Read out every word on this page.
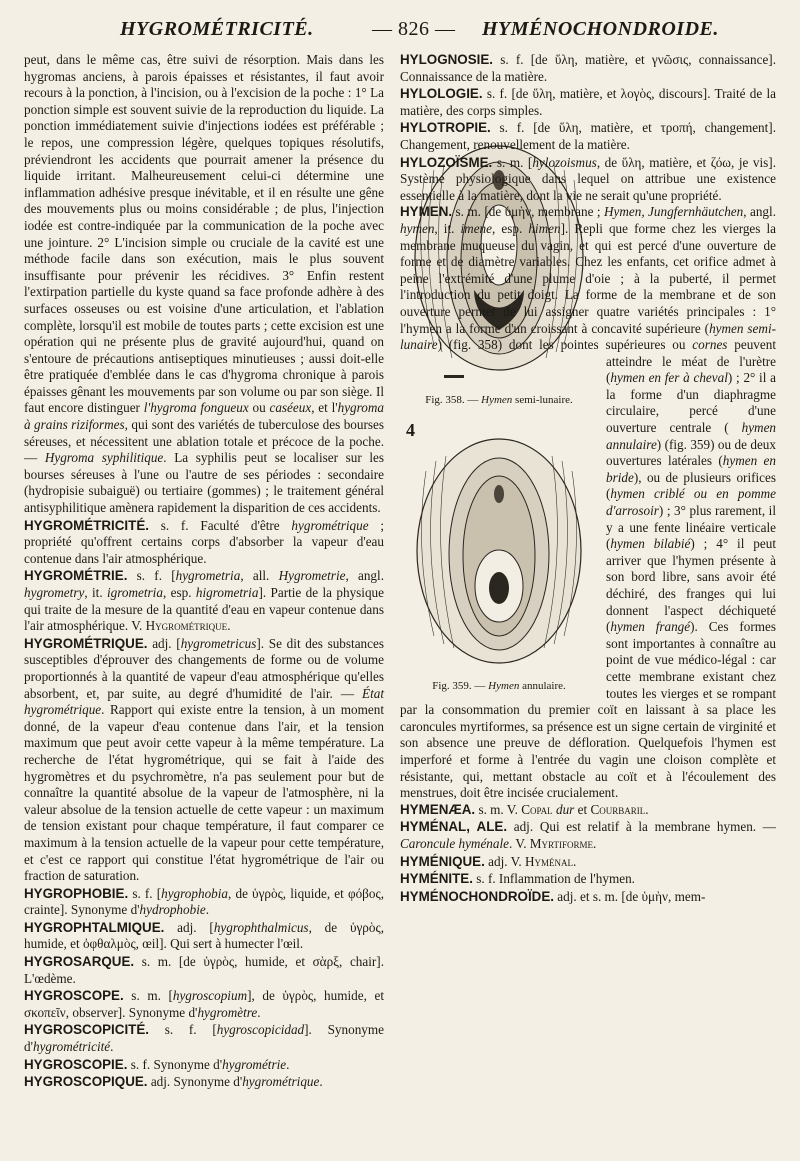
HYGROMÉTRICITÉ.	— 826 — HYMÉNOCHONDROIDE.

peut, dans le même cas, être suivi de résorption. Mais dans les hygromas anciens, à parois épaisses et résistantes, il faut avoir recours à la ponction, à l'incision, ou à l'excision de la poche : 1° La ponction simple est souvent suivie de la reproduction du liquide. La ponction immédiatement suivie d'injections iodées est préférable ; le repos, une compression légère, quelques topiques résolutifs, préviendront les accidents que pourrait amener la présence du liquide irritant. Malheureusement celui-ci détermine une inflammation adhésive presque inévitable, et il en résulte une gêne des mouvements plus ou moins considérable ; de plus, l'injection iodée est contre-indiquée par la communication de la poche avec une jointure. 2° L'incision simple ou cruciale de la cavité est une méthode facile dans son exécution, mais le plus souvent insuffisante pour prévenir les récidives. 3° Enfin restent l'extirpation partielle du kyste quand sa face profonde adhère à des surfaces osseuses ou est voisine d'une articulation, et l'ablation complète, lorsqu'il est mobile de toutes parts ; cette excision est une opération qui ne présente plus de gravité aujourd'hui, quand on s'entoure de précautions antiseptiques minutieuses ; aussi doit-elle être pratiquée d'emblée dans le cas d'hygroma chronique à parois épaisses gênant les mouvements par son volume ou par son siège. Il faut encore distinguer l'hygroma fongueux ou caséeux, et l'hygroma à grains riziformes, qui sont des variétés de tuberculose des bourses séreuses, et nécessitent une ablation totale et précoce de la poche. — Hygroma syphilitique. La syphilis peut se localiser sur les bourses séreuses à l'une ou l'autre de ses périodes : secondaire (hydropisie subaiguë) ou tertiaire (gommes) ; le traitement général antisyphilitique amènera rapidement la disparition de ces accidents.

HYGROMÉTRICITÉ. s. f. Faculté d'être hygrométrique ; propriété qu'offrent certains corps d'absorber la vapeur d'eau contenue dans l'air atmosphérique.

HYGROMÉTRIE. s. f. [hygrometria, all. Hygrometrie, angl. hygrometry, it. igrometria, esp. higrometria]. Partie de la physique qui traite de la mesure de la quantité d'eau en vapeur contenue dans l'air atmosphérique. V. Hygrométrique.

HYGROMÉTRIQUE. adj. [hygrometricus]. Se dit des substances susceptibles d'éprouver des changements de forme ou de volume proportionnés à la quantité de vapeur d'eau atmosphérique qu'elles absorbent, et, par suite, au degré d'humidité de l'air. — État hygrométrique. Rapport qui existe entre la tension, à un moment donné, de la vapeur d'eau contenue dans l'air, et la tension maximum que peut avoir cette vapeur à la même température. La recherche de l'état hygrométrique, qui se fait à l'aide des hygromètres et du psychromètre, n'a pas seulement pour but de connaître la quantité absolue de la vapeur de l'atmosphère, ni la valeur absolue de la tension actuelle de cette vapeur : un maximum de tension existant pour chaque température, il faut comparer ce maximum à la tension actuelle de la vapeur pour cette température, et c'est ce rapport qui constitue l'état hygrométrique de l'air ou fraction de saturation.

HYGROPHOBIE. s. f. [hygrophobia, de ὑγρὸς, liquide, et φόβος, crainte]. Synonyme d'hydrophobie.

HYGROPHTALMIQUE. adj. [hygrophthalmicus, de ὑγρὸς, humide, et ὀφθαλμὸς, œil]. Qui sert à humecter l'œil.

HYGROSARQUE. s. m. [de ὑγρὸς, humide, et σὰρξ, chair]. L'œdème.

HYGROSCOPE. s. m. [hygroscopium], de ὑγρὸς, humide, et σκοπεῖν, observer]. Synonyme d'hygromètre.

HYGROSCOPICITÉ. s. f. [hygroscopicidad]. Synonyme d'hygrométricité.

HYGROSCOPIE. s. f. Synonyme d'hygrométrie.

HYGROSCOPIQUE. adj. Synonyme d'hygrométrique.

HYLOGNOSIE. s. f. [de ὕλη, matière, et γνῶσις, connaissance]. Connaissance de la matière.

HYLOLOGIE. s. f. [de ὕλη, matière, et λογὸς, discours]. Traité de la matière, des corps simples.

HYLOTROPIE. s. f. [de ὕλη, matière, et τροπή, changement]. Changement, renouvellement de la matière.

HYLOZOÏSME. s. m. [hylozoismus, de ὕλη, matière, et ζόω, je vis]. Système physiologique dans lequel on attribue une existence essentielle à la matière, dont la vie ne serait qu'une propriété.

HYMEN. s. m. [de ὑμὴν, membrane ; Hymen, Jungfernhäutchen, angl. hymen, it. imene, esp. himen]. Repli que forme chez les vierges la membrane muqueuse du vagin, et qui est percé d'une ouverture de forme et de diamètre variables. Chez les enfants, cet orifice admet à peine l'extrémité d'une plume d'oie ; à la puberté, il permet l'introduction du petit doigt. La forme de la membrane et de son ouverture permet de lui assigner quatre variétés principales : 1° l'hymen a la forme d'un croissant à concavité supérieure (hymen semi-lunaire) (fig. 358) dont les pointes supérieures ou cornes
▬▬
Fig. 358. — Hymen semi-lunaire.
peuvent atteindre le méat de l'urètre (hymen en fer à cheval) ; 2° il a la forme d'un diaphragme circulaire, percé d'une ouverture centrale (
4
Fig. 359. — Hymen annulaire.
hymen annulaire) (fig. 359) ou de deux ouvertures latérales (hymen en bride), ou de plusieurs orifices (hymen criblé ou en pomme d'arrosoir) ; 3° plus rarement, il y a une fente linéaire verticale (hymen bilabié) ; 4° il peut arriver que l'hymen présente à son bord libre, sans avoir été déchiré, des franges qui lui donnent l'aspect déchiqueté (hymen frangé). Ces formes sont importantes à connaître au point de vue médico-légal : car cette membrane existant chez toutes les vierges et se rompant par la consommation du premier coït en laissant à sa place les caroncules myrtiformes, sa présence est un signe certain de virginité et son absence une preuve de défloration. Quelquefois l'hymen est imperforé et forme à l'entrée du vagin une cloison complète et résistante, qui, mettant obstacle au coït et à l'écoulement des menstrues, doit être incisée crucialement.

HYMENÆA. s. m. V. Copal dur et Courbaril.

HYMÉNAL, ALE. adj. Qui est relatif à la membrane hymen. — Caroncule hyménale. V. Myrtiforme.

HYMÉNIQUE. adj. V. Hyménal.

HYMÉNITE. s. f. Inflammation de l'hymen.

HYMÉNOCHONDROÏDE. adj. et s. m. [de ὑμὴν, mem-
